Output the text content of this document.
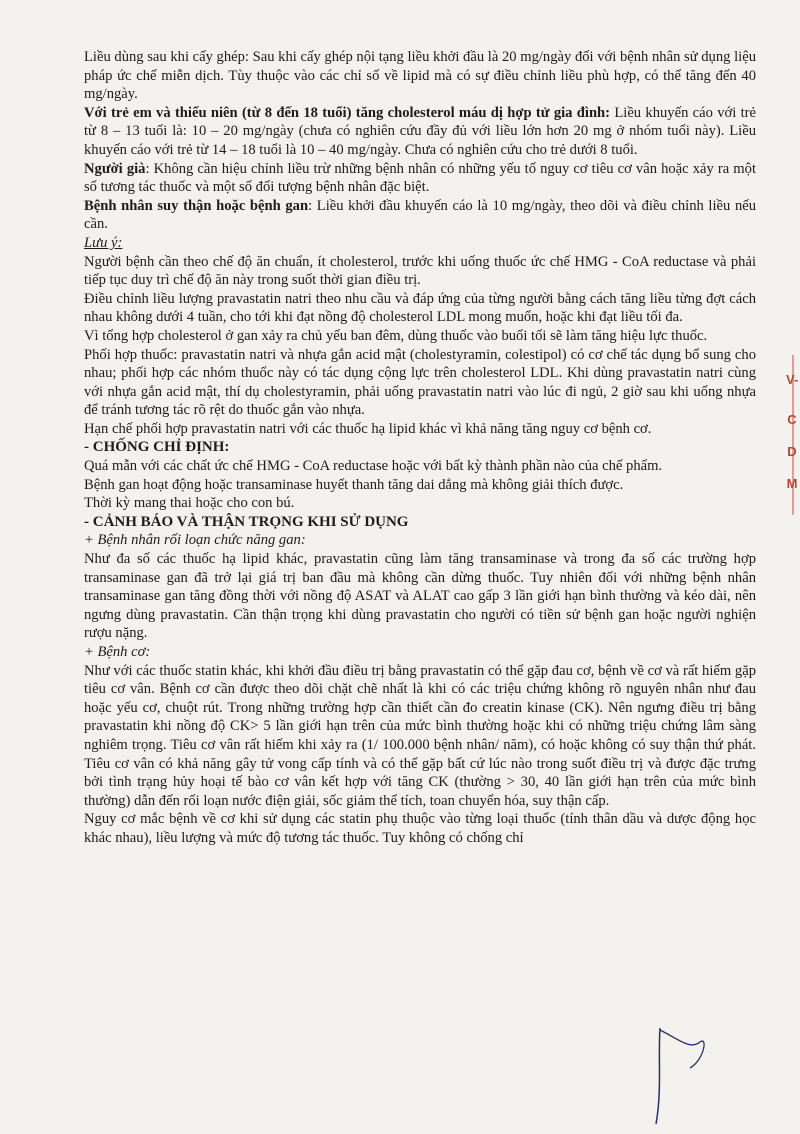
Liều dùng sau khi cấy ghép: Sau khi cấy ghép nội tạng liều khởi đầu là 20 mg/ngày đối với bệnh nhân sử dụng liệu pháp ức chế miễn dịch. Tùy thuộc vào các chỉ số về lipid mà có sự điều chỉnh liều phù hợp, có thể tăng đến 40 mg/ngày.

Với trẻ em và thiếu niên (từ 8 đến 18 tuổi) tăng cholesterol máu dị hợp tử gia đình: Liều khuyến cáo với trẻ từ 8 – 13 tuổi là: 10 – 20 mg/ngày (chưa có nghiên cứu đầy đủ với liều lớn hơn 20 mg ở nhóm tuổi này). Liều khuyến cáo với trẻ từ 14 – 18 tuổi là 10 – 40 mg/ngày. Chưa có nghiên cứu cho trẻ dưới 8 tuổi.

Người già: Không cần hiệu chỉnh liều trừ những bệnh nhân có những yếu tố nguy cơ tiêu cơ vân hoặc xảy ra một số tương tác thuốc và một số đối tượng bệnh nhân đặc biệt.

Bệnh nhân suy thận hoặc bệnh gan: Liều khởi đầu khuyến cáo là 10 mg/ngày, theo dõi và điều chỉnh liều nếu cần.

Lưu ý:

Người bệnh cần theo chế độ ăn chuẩn, ít cholesterol, trước khi uống thuốc ức chế HMG - CoA reductase và phải tiếp tục duy trì chế độ ăn này trong suốt thời gian điều trị.

Điều chỉnh liều lượng pravastatin natri theo nhu cầu và đáp ứng của từng người bằng cách tăng liều từng đợt cách nhau không dưới 4 tuần, cho tới khi đạt nồng độ cholesterol LDL mong muốn, hoặc khi đạt liều tối đa.

Vì tổng hợp cholesterol ở gan xảy ra chủ yếu ban đêm, dùng thuốc vào buổi tối sẽ làm tăng hiệu lực thuốc.

Phối hợp thuốc: pravastatin natri và nhựa gắn acid mật (cholestyramin, colestipol) có cơ chế tác dụng bổ sung cho nhau; phối hợp các nhóm thuốc này có tác dụng cộng lực trên cholesterol LDL. Khi dùng pravastatin natri cùng với nhựa gắn acid mật, thí dụ cholestyramin, phải uống pravastatin natri vào lúc đi ngủ, 2 giờ sau khi uống nhựa để tránh tương tác rõ rệt do thuốc gắn vào nhựa.

Hạn chế phối hợp pravastatin natri với các thuốc hạ lipid khác vì khả năng tăng nguy cơ bệnh cơ.

- CHỐNG CHỈ ĐỊNH:

Quá mẫn với các chất ức chế HMG - CoA reductase hoặc với bất kỳ thành phần nào của chế phẩm.

Bệnh gan hoạt động hoặc transaminase huyết thanh tăng dai dẳng mà không giải thích được.

Thời kỳ mang thai hoặc cho con bú.

- CẢNH BÁO VÀ THẬN TRỌNG KHI SỬ DỤNG

+ Bệnh nhân rối loạn chức năng gan:

Như đa số các thuốc hạ lipid khác, pravastatin cũng làm tăng transaminase và trong đa số các trường hợp transaminase gan đã trở lại giá trị ban đầu mà không cần dừng thuốc. Tuy nhiên đối với những bệnh nhân transaminase gan tăng đồng thời với nồng độ ASAT và ALAT cao gấp 3 lần giới hạn bình thường và kéo dài, nên ngưng dùng pravastatin. Cần thận trọng khi dùng pravastatin cho người có tiền sử bệnh gan hoặc người nghiện rượu nặng.

+ Bệnh cơ:

Như với các thuốc statin khác, khi khởi đầu điều trị bằng pravastatin có thể gặp đau cơ, bệnh về cơ và rất hiếm gặp tiêu cơ vân. Bệnh cơ cần được theo dõi chặt chẽ nhất là khi có các triệu chứng không rõ nguyên nhân như đau hoặc yếu cơ, chuột rút. Trong những trường hợp cần thiết cần đo creatin kinase (CK). Nên ngưng điều trị bằng pravastatin khi nồng độ CK> 5 lần giới hạn trên của mức bình thường hoặc khi có những triệu chứng lâm sàng nghiêm trọng. Tiêu cơ vân rất hiếm khi xảy ra (1/ 100.000 bệnh nhân/ năm), có hoặc không có suy thận thứ phát. Tiêu cơ vân có khả năng gây tử vong cấp tính và có thể gặp bất cứ lúc nào trong suốt điều trị và được đặc trưng bởi tình trạng hủy hoại tế bào cơ vân kết hợp với tăng CK (thường > 30, 40 lần giới hạn trên của mức bình thường) dẫn đến rối loạn nước điện giải, sốc giảm thể tích, toan chuyển hóa, suy thận cấp.

Nguy cơ mắc bệnh về cơ khi sử dụng các statin phụ thuộc vào từng loại thuốc (tính thân dầu và dược động học khác nhau), liều lượng và mức độ tương tác thuốc. Tuy không có chống chỉ

V-
C
D
M
